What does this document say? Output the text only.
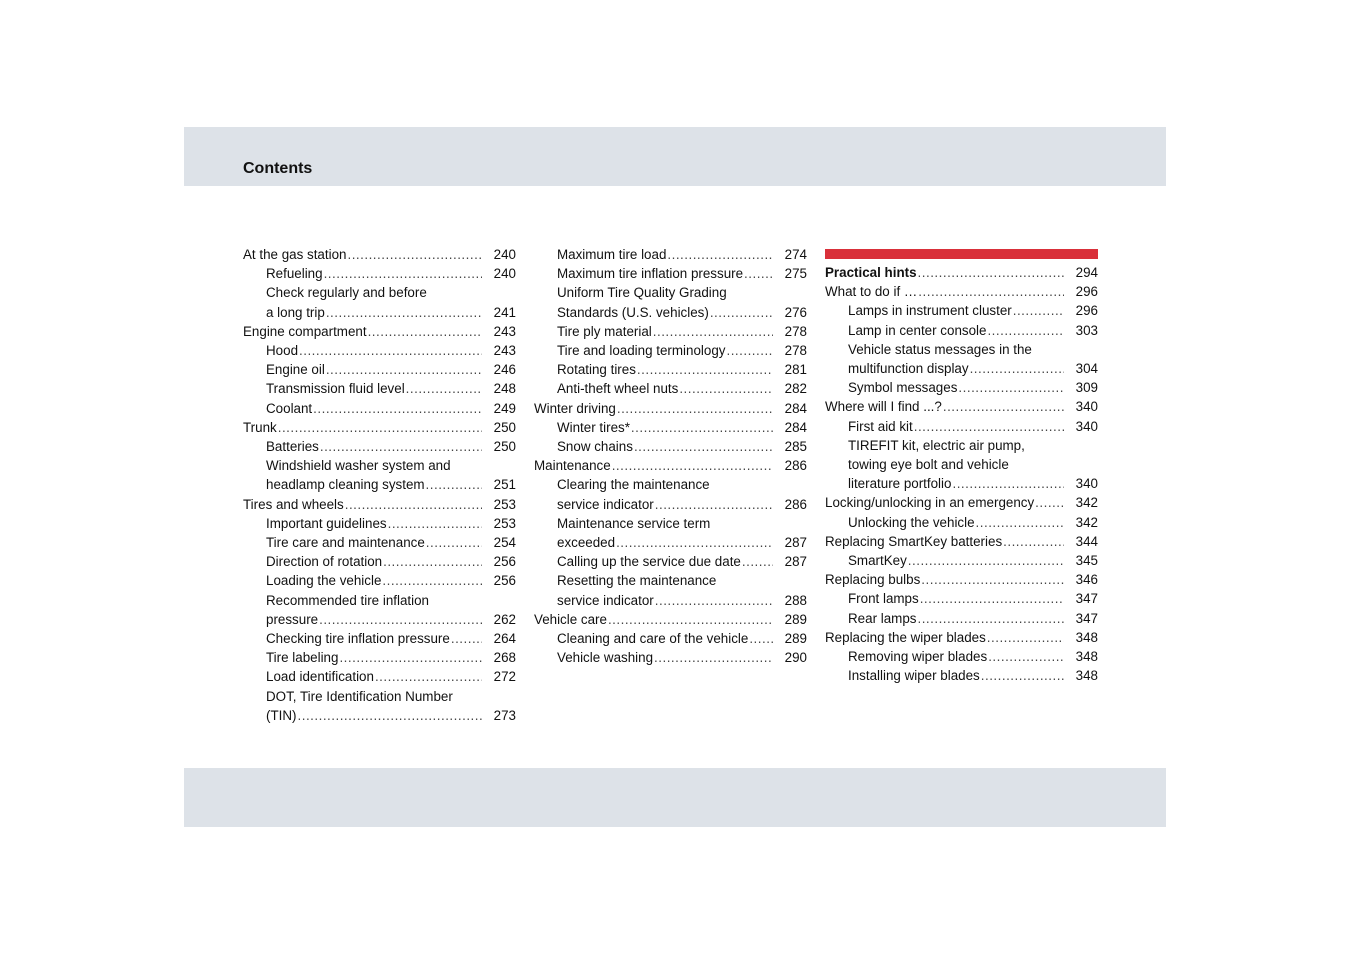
Contents
At the gas station .....	240
Refueling .....	240
Check regularly and before
a long trip .....	241
Engine compartment .....	243
Hood .....	243
Engine oil .....	246
Transmission fluid level .....	248
Coolant .....	249
Trunk .....	250
Batteries .....	250
Windshield washer system and
headlamp cleaning system .....	251
Tires and wheels .....	253
Important guidelines .....	253
Tire care and maintenance .....	254
Direction of rotation .....	256
Loading the vehicle .....	256
Recommended tire inflation
pressure .....	262
Checking tire inflation pressure .....	264
Tire labeling .....	268
Load identification .....	272
DOT, Tire Identification Number
(TIN) .....	273
Maximum tire load .....	274
Maximum tire inflation pressure .....	275
Uniform Tire Quality Grading
Standards (U.S. vehicles) .....	276
Tire ply material .....	278
Tire and loading terminology .....	278
Rotating tires .....	281
Anti-theft wheel nuts .....	282
Winter driving .....	284
Winter tires* .....	284
Snow chains .....	285
Maintenance .....	286
Clearing the maintenance
service indicator .....	286
Maintenance service term
exceeded .....	287
Calling up the service due date .....	287
Resetting the maintenance
service indicator .....	288
Vehicle care .....	289
Cleaning and care of the vehicle .....	289
Vehicle washing .....	290
Practical hints .....	294
What to do if … .....	296
Lamps in instrument cluster .....	296
Lamp in center console .....	303
Vehicle status messages in the
multifunction display .....	304
Symbol messages .....	309
Where will I find ...? .....	340
First aid kit .....	340
TIREFIT kit, electric air pump,
towing eye bolt and vehicle
literature portfolio .....	340
Locking/unlocking in an emergency .....	342
Unlocking the vehicle .....	342
Replacing SmartKey batteries .....	344
SmartKey .....	345
Replacing bulbs .....	346
Front lamps .....	347
Rear lamps .....	347
Replacing the wiper blades .....	348
Removing wiper blades .....	348
Installing wiper blades .....	348
